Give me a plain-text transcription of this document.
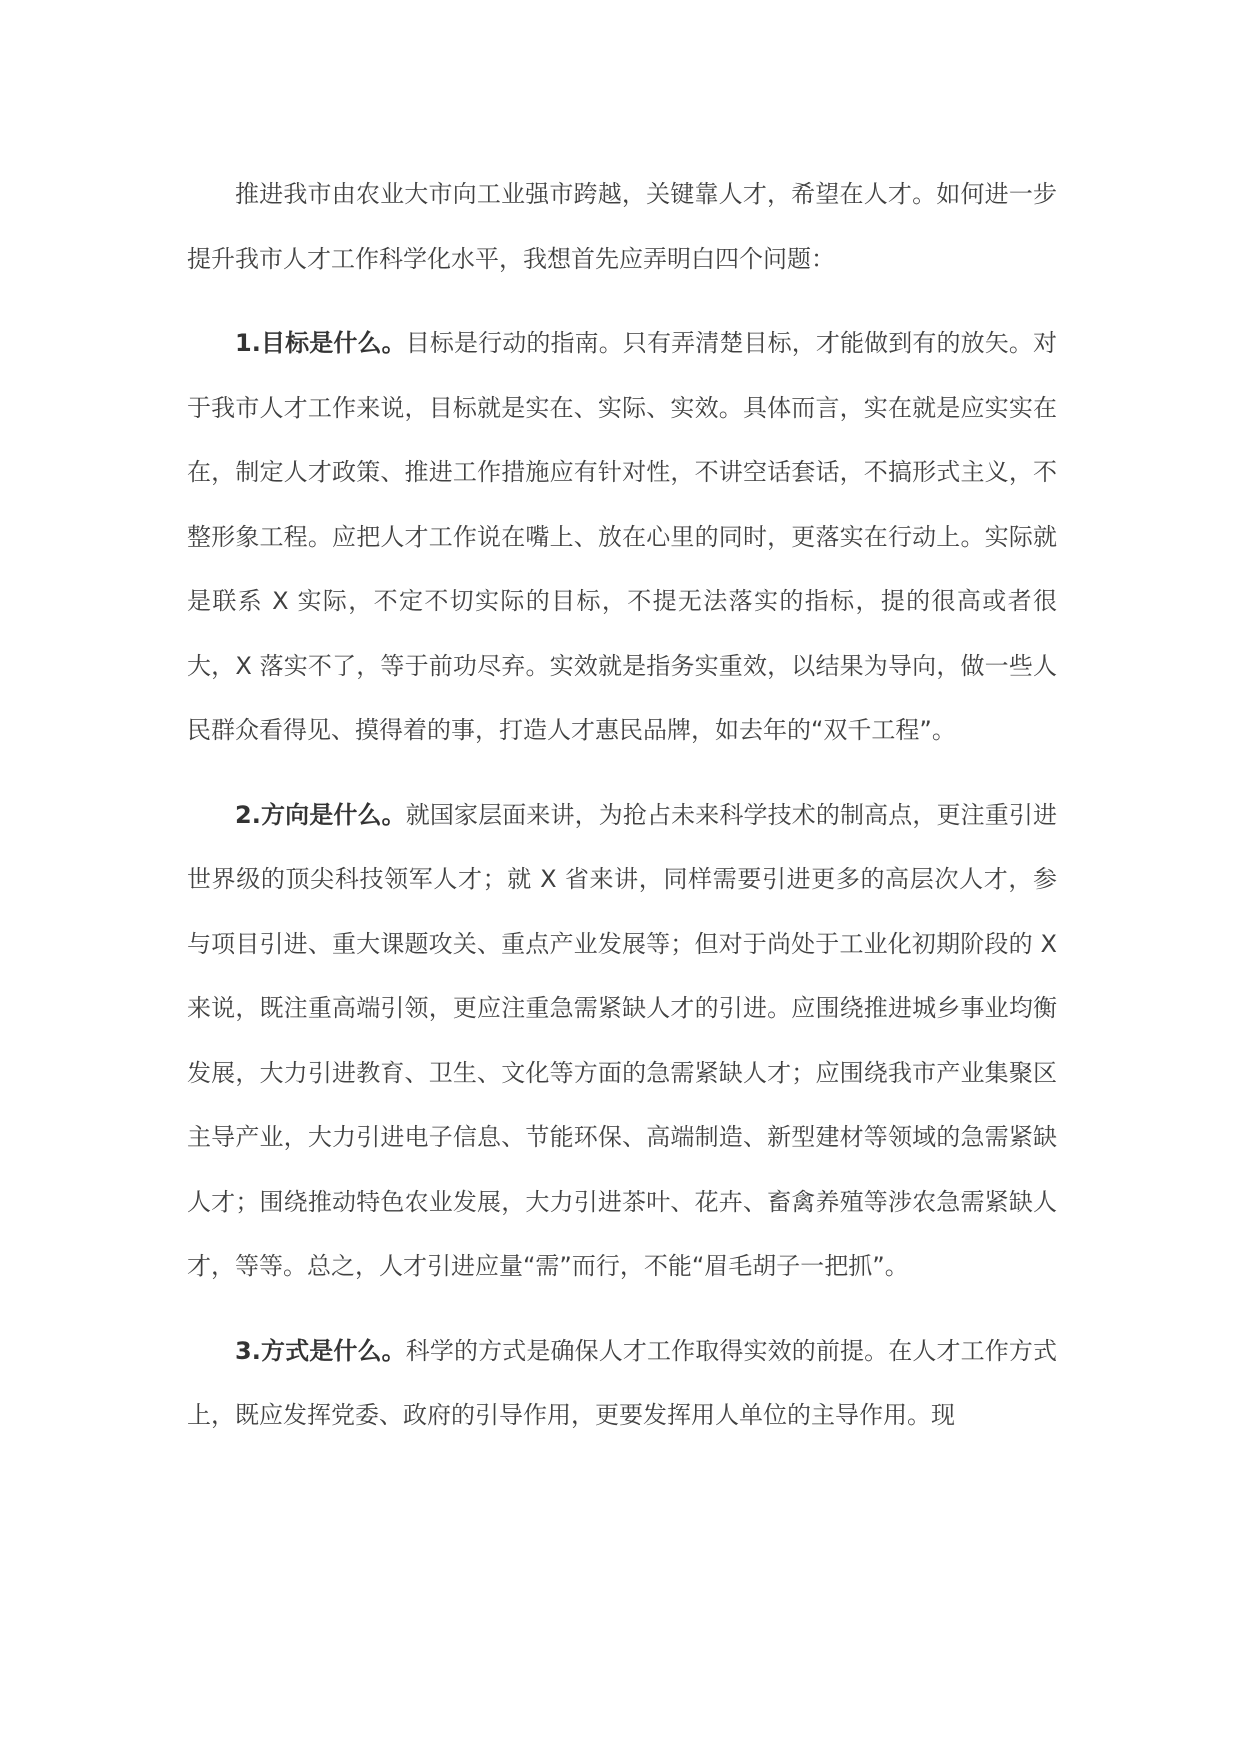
推进我市由农业大市向工业强市跨越，关键靠人才，希望在人才。如何进一步提升我市人才工作科学化水平，我想首先应弄明白四个问题：

1.目标是什么。目标是行动的指南。只有弄清楚目标，才能做到有的放矢。对于我市人才工作来说，目标就是实在、实际、实效。具体而言，实在就是应实实在在，制定人才政策、推进工作措施应有针对性，不讲空话套话，不搞形式主义，不整形象工程。应把人才工作说在嘴上、放在心里的同时，更落实在行动上。实际就是联系 X 实际，不定不切实际的目标，不提无法落实的指标，提的很高或者很大，X 落实不了，等于前功尽弃。实效就是指务实重效，以结果为导向，做一些人民群众看得见、摸得着的事，打造人才惠民品牌，如去年的“双千工程”。

2.方向是什么。就国家层面来讲，为抢占未来科学技术的制高点，更注重引进世界级的顶尖科技领军人才；就 X 省来讲，同样需要引进更多的高层次人才，参与项目引进、重大课题攻关、重点产业发展等；但对于尚处于工业化初期阶段的 X 来说，既注重高端引领，更应注重急需紧缺人才的引进。应围绕推进城乡事业均衡发展，大力引进教育、卫生、文化等方面的急需紧缺人才；应围绕我市产业集聚区主导产业，大力引进电子信息、节能环保、高端制造、新型建材等领域的急需紧缺人才；围绕推动特色农业发展，大力引进茶叶、花卉、畜禽养殖等涉农急需紧缺人才，等等。总之，人才引进应量“需”而行，不能“眉毛胡子一把抓”。

3.方式是什么。科学的方式是确保人才工作取得实效的前提。在人才工作方式上，既应发挥党委、政府的引导作用，更要发挥用人单位的主导作用。现
